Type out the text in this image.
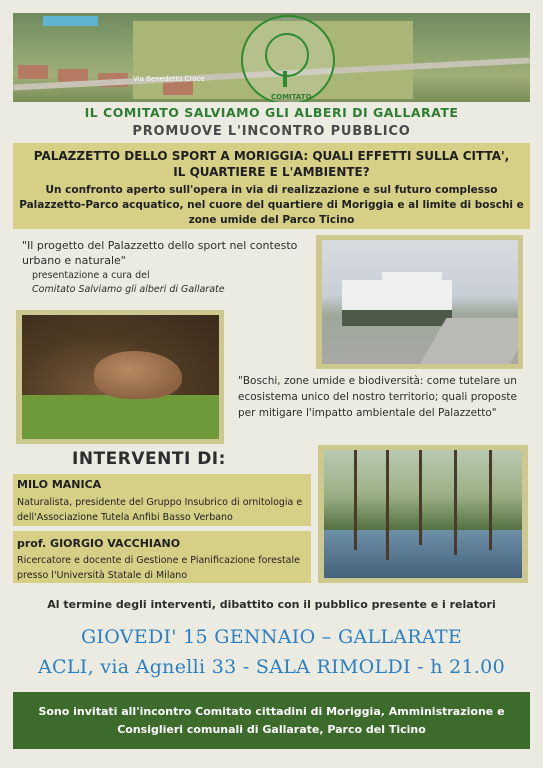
Via Benedetto Croce
COMITATO
IL COMITATO SALVIAMO GLI ALBERI DI GALLARATE
PROMUOVE L'INCONTRO PUBBLICO
PALAZZETTO DELLO SPORT A MORIGGIA: QUALI EFFETTI SULLA CITTA',
IL QUARTIERE E L'AMBIENTE?
Un confronto aperto sull'opera in via di realizzazione e sul futuro complesso Palazzetto-Parco acquatico, nel cuore del quartiere di Moriggia e al limite di boschi e zone umide del Parco Ticino
"Il progetto del Palazzetto dello sport nel contesto urbano e naturale"
presentazione a cura del
Comitato Salviamo gli alberi di Gallarate
"Boschi, zone umide e biodiversità: come tutelare un ecosistema unico del nostro territorio; quali proposte per mitigare l'impatto ambientale del Palazzetto"
INTERVENTI DI:
MILO MANICA
Naturalista, presidente del Gruppo Insubrico di ornitologia e dell'Associazione Tutela Anfibi Basso Verbano
prof. GIORGIO VACCHIANO
Ricercatore e docente di Gestione e Pianificazione forestale presso l'Università Statale di Milano
Al termine degli interventi, dibattito con il pubblico presente e i relatori
GIOVEDI' 15 GENNAIO – GALLARATE
ACLI, via Agnelli 33 - SALA RIMOLDI - h 21.00
Sono invitati all'incontro Comitato cittadini di Moriggia, Amministrazione e Consiglieri comunali di Gallarate, Parco del Ticino
